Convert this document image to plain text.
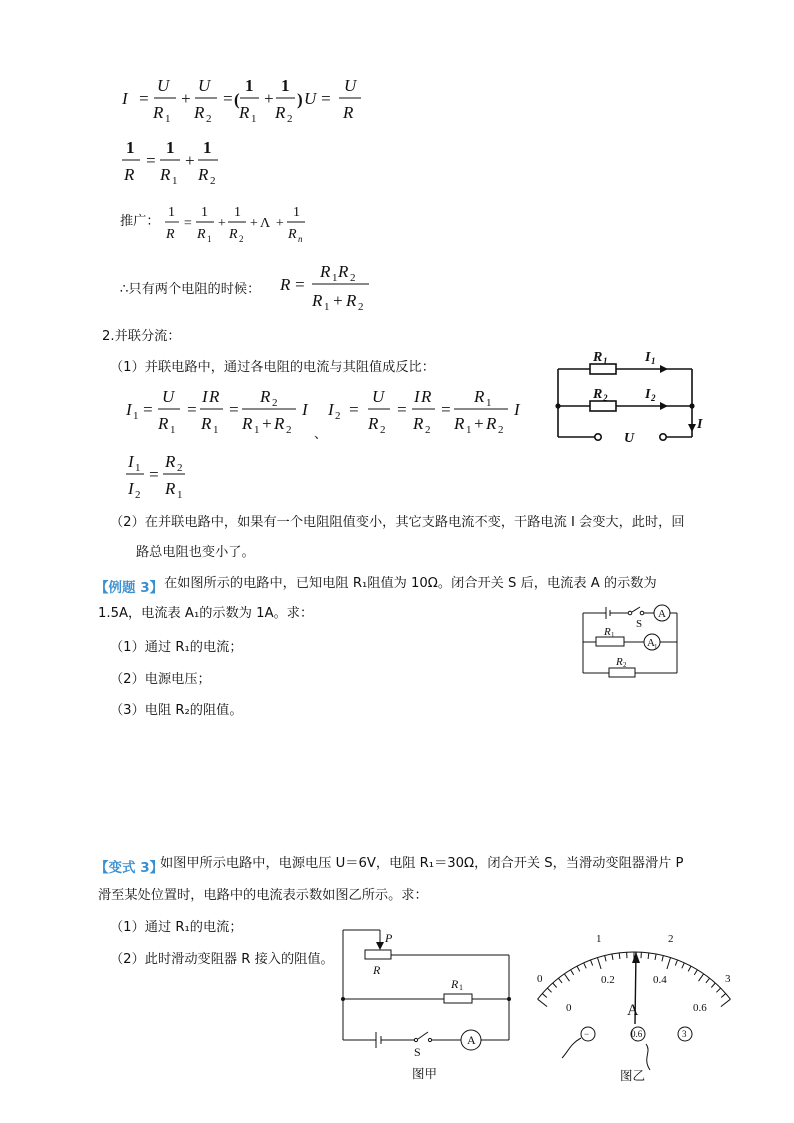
I =
U
R 1
+
U
R 2
= (
1
R 1
+
1
R 2
) U =
U
R
1
R
=
1
R 1
+
1
R 2
推广：
1
R
=
1
R 1
+
1
R 2
+ Λ +
1
R n
∴只有两个电阻的时候： R =
R 1 R 2
R 1 + R 2
2.并联分流：
（1）并联电路中，通过各电阻的电流与其阻值成反比：
I 1 =
U
R 1
=
I R
R 1
=
R 2
R 1 + R 2
I
、
I 2 =
U
R 2
=
I R
R 2
=
R 1
R 1 + R 2
I
I 1
I 2
=
R 2
R 1
R 1	I 1
R 2	I 2
U
I
（2）在并联电路中，如果有一个电阻阻值变小，其它支路电流不变，干路电流 I 会变大，此时，回
路总电阻也变小了。
【例题 3】 在如图所示的电路中，已知电阻 R₁阻值为 10Ω。闭合开关 S 后，电流表 A 的示数为
1.5A，电流表 A₁的示数为 1A。求：
（1）通过 R₁的电流；
（2）电源电压；
（3）电阻 R₂的阻值。
S
A
A 1
R 1
R 2
【变式 3】
如图甲所示电路中，电源电压 U＝6V，电阻 R₁＝30Ω，闭合开关 S，当滑动变阻器滑片 P
滑至某处位置时，电路中的电流表示数如图乙所示。求：
（1）通过 R₁的电流；
（2）此时滑动变阻器 R 接入的阻值。
P
R
R 1
S
A
图甲
0
1	2
3
0
0.2	0.4
0.6
A
−	0.6	3
图乙
